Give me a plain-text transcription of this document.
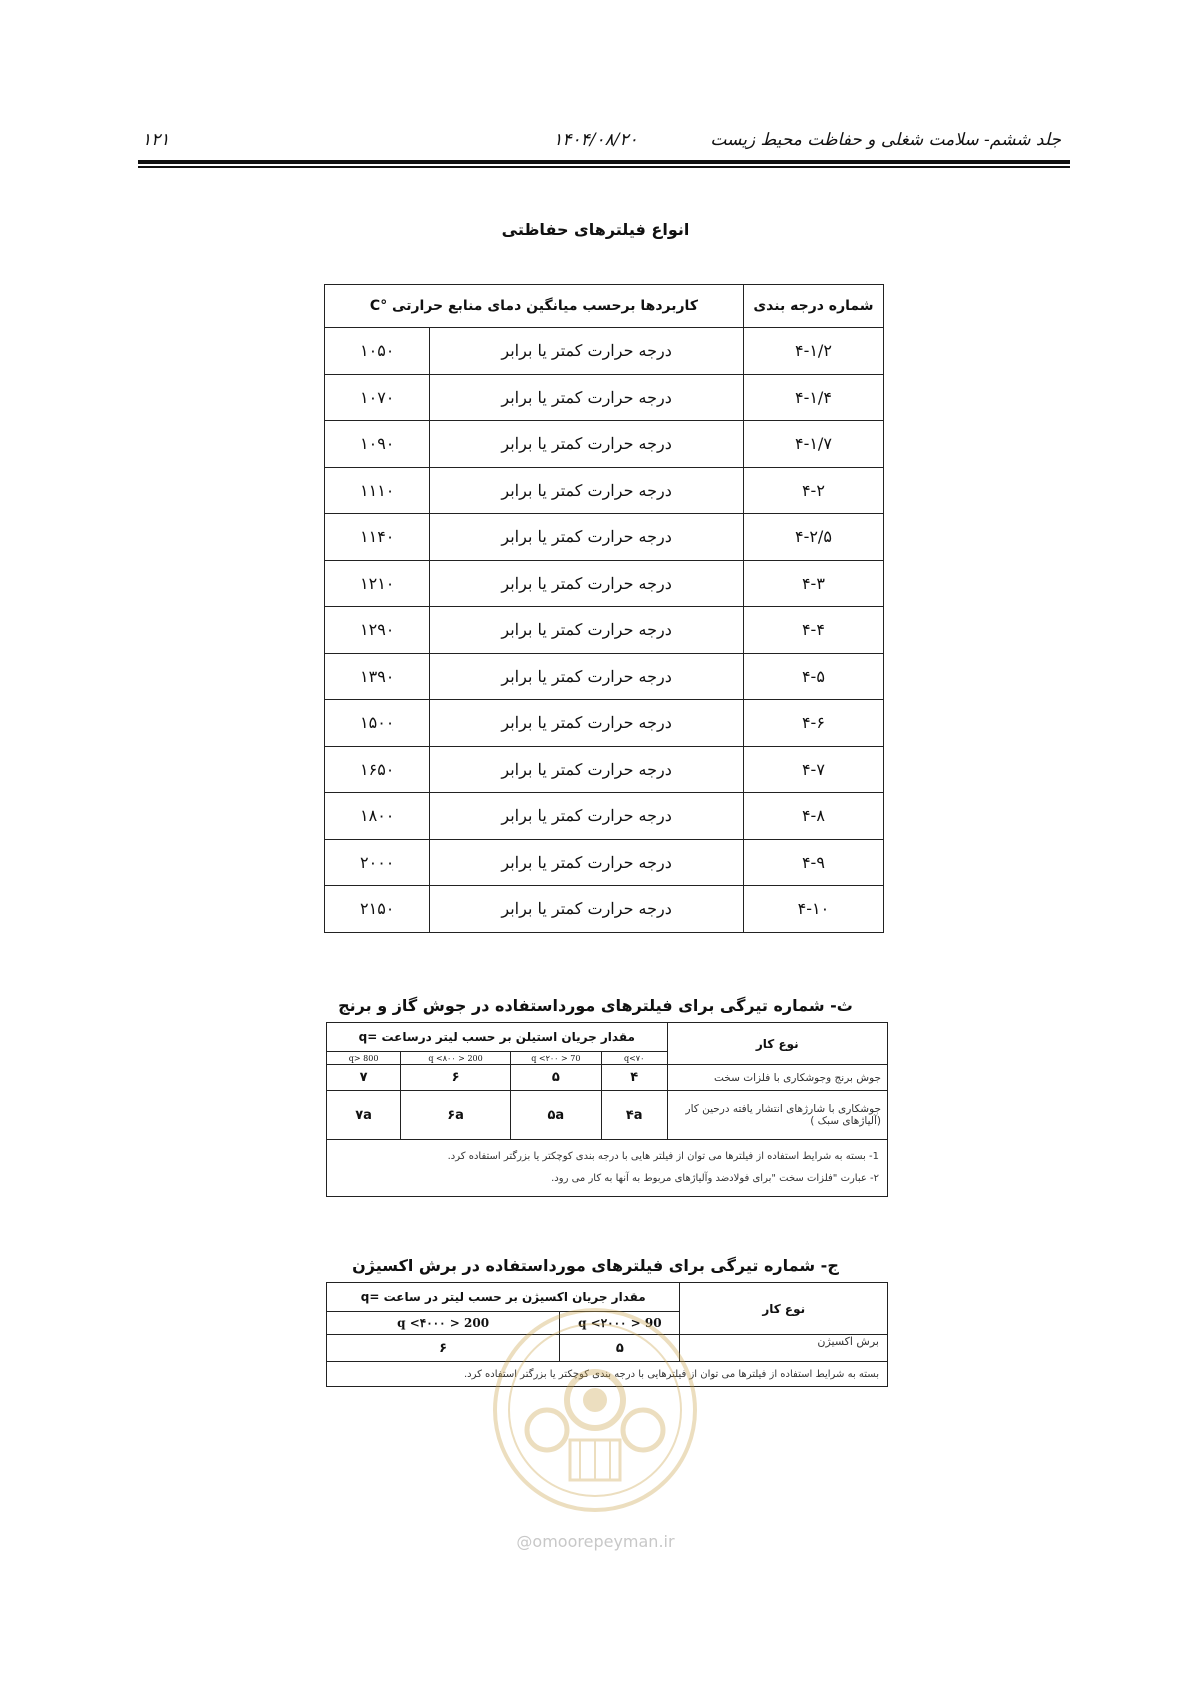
جلد ششم- سلامت شغلی و حفاظت محیط زیست
۱۴۰۴/۰۸/۲۰
۱۲۱
انواع فیلترهای حفاظتی
شماره درجه بندی	کاربردها برحسب میانگین دمای منابع حرارتی °C	
۴-۱/۲	درجه حرارت کمتر یا برابر	۱۰۵۰
۴-۱/۴	درجه حرارت کمتر یا برابر	۱۰۷۰
۴-۱/۷	درجه حرارت کمتر یا برابر	۱۰۹۰
۴-۲	درجه حرارت کمتر یا برابر	۱۱۱۰
۴-۲/۵	درجه حرارت کمتر یا برابر	۱۱۴۰
۴-۳	درجه حرارت کمتر یا برابر	۱۲۱۰
۴-۴	درجه حرارت کمتر یا برابر	۱۲۹۰
۴-۵	درجه حرارت کمتر یا برابر	۱۳۹۰
۴-۶	درجه حرارت کمتر یا برابر	۱۵۰۰
۴-۷	درجه حرارت کمتر یا برابر	۱۶۵۰
۴-۸	درجه حرارت کمتر یا برابر	۱۸۰۰
۴-۹	درجه حرارت کمتر یا برابر	۲۰۰۰
۴-۱۰	درجه حرارت کمتر یا برابر	۲۱۵۰
ث- شماره تیرگی برای فیلترهای مورداستفاده در جوش گاز و برنج
نوع کار	مقدار جریان استیلن بر حسب لیتر درساعت =q			
	q<۷۰	70 < q <۲۰۰	200 < q <۸۰۰	800 <q
جوش برنج وجوشکاری با فلزات سخت	۴	۵	۶	۷
جوشکاری با شارژهای انتشار یافته درحین کار (آلیاژهای سبک )	۴a	۵a	۶a	۷a

1- بسته به شرایط استفاده از فیلترها می توان از فیلتر هایی با درجه بندی کوچکتر یا بزرگتر استفاده کرد.
۲- عبارت "فلزات سخت "برای فولادضد وآلیاژهای مربوط به آنها به کار می رود.				
ج- شماره تیرگی برای فیلترهای مورداستفاده در برش اکسیژن
نوع کار	مقدار جریان اکسیژن بر حسب لیتر در ساعت =q	
	90 < q <۲۰۰۰	200 < q <۴۰۰۰
برش اکسیژن	۵	۶
بسته به شرایط استفاده از فیلترها می توان از فیلترهایی با درجه بندی کوچکتر یا بزرگتر استفاده کرد.		
@omoorepeyman.ir
